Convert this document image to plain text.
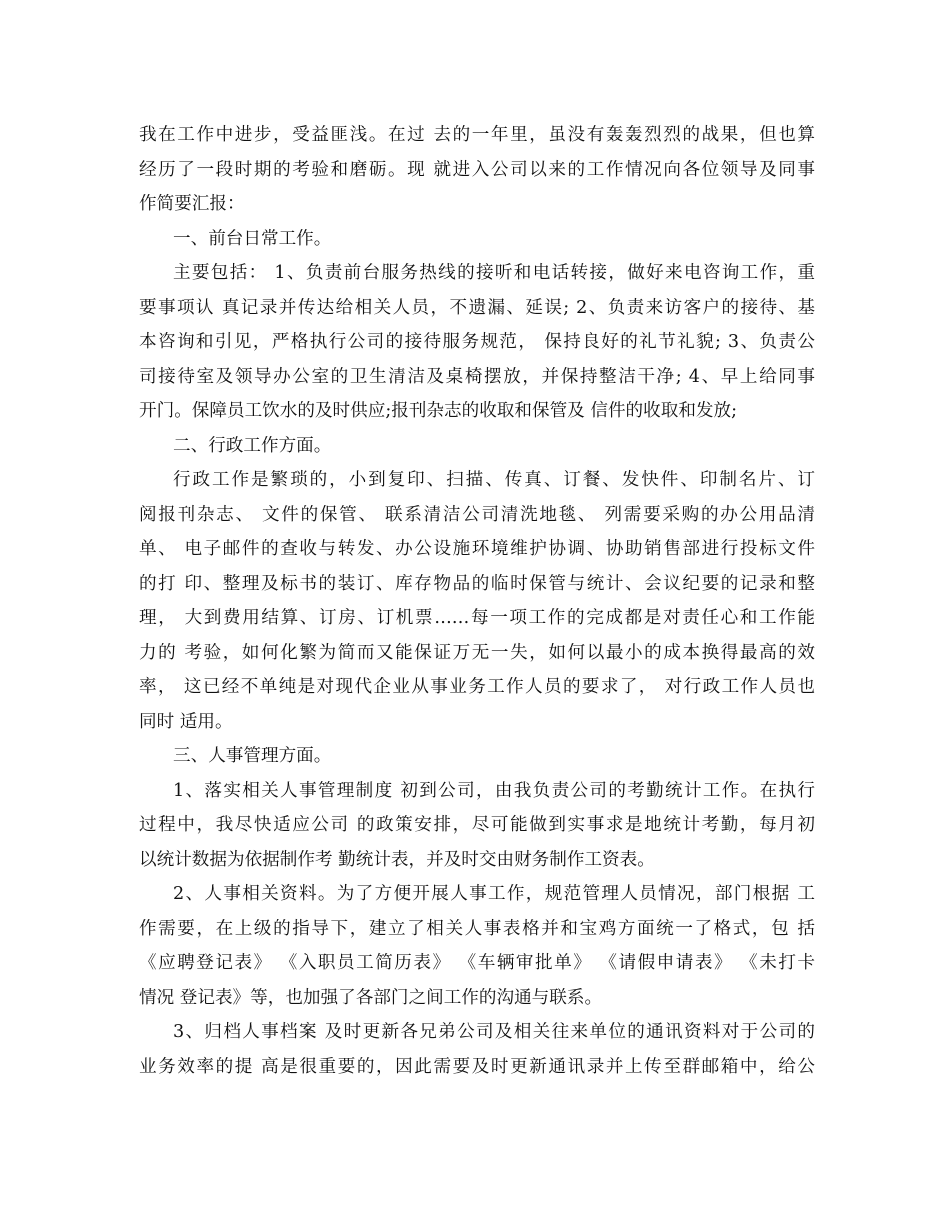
我在工作中进步，受益匪浅。在过 去的一年里，虽没有轰轰烈烈的战果，但也算
经历了一段时期的考验和磨砺。现 就进入公司以来的工作情况向各位领导及同事
作简要汇报：
一、前台日常工作。
主要包括： 1、负责前台服务热线的接听和电话转接，做好来电咨询工作，重
要事项认 真记录并传达给相关人员，不遗漏、延误; 2、负责来访客户的接待、基
本咨询和引见，严格执行公司的接待服务规范， 保持良好的礼节礼貌; 3、负责公
司接待室及领导办公室的卫生清洁及桌椅摆放，并保持整洁干净; 4、早上给同事
开门。保障员工饮水的及时供应;报刊杂志的收取和保管及 信件的收取和发放;
二、行政工作方面。
行政工作是繁琐的，小到复印、扫描、传真、订餐、发快件、印制名片、订
阅报刊杂志、 文件的保管、 联系清洁公司清洗地毯、 列需要采购的办公用品清
单、 电子邮件的查收与转发、办公设施环境维护协调、协助销售部进行投标文件
的打 印、整理及标书的装订、库存物品的临时保管与统计、会议纪要的记录和整
理， 大到费用结算、订房、订机票……每一项工作的完成都是对责任心和工作能
力的 考验，如何化繁为简而又能保证万无一失，如何以最小的成本换得最高的效
率， 这已经不单纯是对现代企业从事业务工作人员的要求了， 对行政工作人员也
同时 适用。
三、人事管理方面。
1、落实相关人事管理制度 初到公司，由我负责公司的考勤统计工作。在执行
过程中，我尽快适应公司 的政策安排，尽可能做到实事求是地统计考勤，每月初
以统计数据为依据制作考 勤统计表，并及时交由财务制作工资表。
2、人事相关资料。为了方便开展人事工作，规范管理人员情况，部门根据 工
作需要，在上级的指导下，建立了相关人事表格并和宝鸡方面统一了格式，包 括
《应聘登记表》 《入职员工简历表》 《车辆审批单》 《请假申请表》 《未打卡
情况 登记表》等，也加强了各部门之间工作的沟通与联系。
3、归档人事档案 及时更新各兄弟公司及相关往来单位的通讯资料对于公司的
业务效率的提 高是很重要的，因此需要及时更新通讯录并上传至群邮箱中，给公
